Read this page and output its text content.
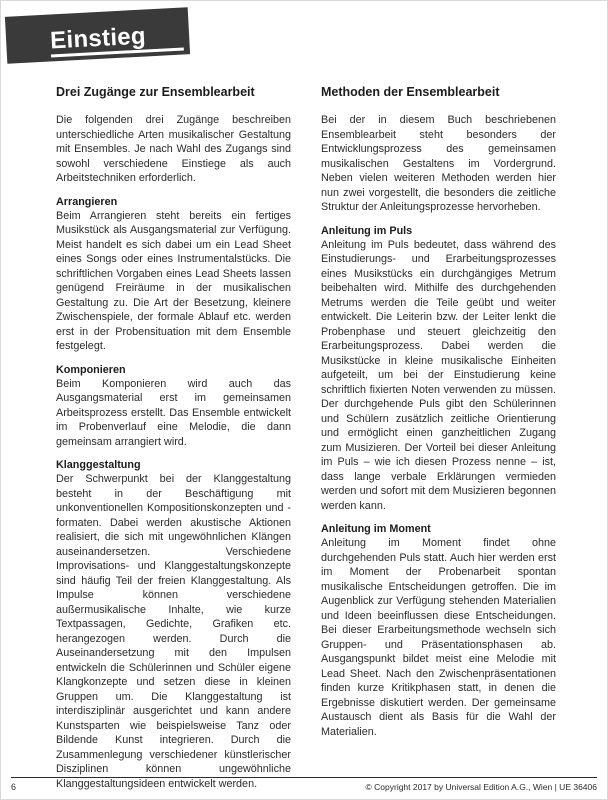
Einstieg
Drei Zugänge zur Ensemblearbeit

Die folgenden drei Zugänge beschreiben unterschiedliche Arten musikalischer Gestaltung mit Ensembles. Je nach Wahl des Zugangs sind sowohl verschiedene Einstiege als auch Arbeitstechniken erforderlich.

Arrangieren

Beim Arrangieren steht bereits ein fertiges Musikstück als Ausgangsmaterial zur Verfügung. Meist handelt es sich dabei um ein Lead Sheet eines Songs oder eines Instrumentalstücks. Die schriftlichen Vorgaben eines Lead Sheets lassen genügend Freiräume in der musikalischen Gestaltung zu. Die Art der Besetzung, kleinere Zwischenspiele, der formale Ablauf etc. werden erst in der Probensituation mit dem Ensemble festgelegt.

Komponieren

Beim Komponieren wird auch das Ausgangsmaterial erst im gemeinsamen Arbeitsprozess erstellt. Das Ensemble entwickelt im Probenverlauf eine Melodie, die dann gemeinsam arrangiert wird.

Klanggestaltung

Der Schwerpunkt bei der Klanggestaltung besteht in der Beschäftigung mit unkonventionellen Kompositionskonzepten und -formaten. Dabei werden akustische Aktionen realisiert, die sich mit ungewöhnlichen Klängen auseinandersetzen. Verschiedene Improvisations- und Klanggestaltungskonzepte sind häufig Teil der freien Klanggestaltung. Als Impulse können verschiedene außermusikalische Inhalte, wie kurze Textpassagen, Gedichte, Grafiken etc. herangezogen werden. Durch die Auseinandersetzung mit den Impulsen entwickeln die Schülerinnen und Schüler eigene Klangkonzepte und setzen diese in kleinen Gruppen um. Die Klanggestaltung ist interdisziplinär ausgerichtet und kann andere Kunstsparten wie beispielsweise Tanz oder Bildende Kunst integrieren. Durch die Zusammenlegung verschiedener künstlerischer Disziplinen können ungewöhnliche Klanggestaltungsideen entwickelt werden.

Methoden der Ensemblearbeit

Bei der in diesem Buch beschriebenen Ensemblearbeit steht besonders der Entwicklungsprozess des gemeinsamen musikalischen Gestaltens im Vordergrund. Neben vielen weiteren Methoden werden hier nun zwei vorgestellt, die besonders die zeitliche Struktur der Anleitungsprozesse hervorheben.

Anleitung im Puls

Anleitung im Puls bedeutet, dass während des Einstudierungs- und Erarbeitungsprozesses eines Musikstücks ein durchgängiges Metrum beibehalten wird. Mithilfe des durchgehenden Metrums werden die Teile geübt und weiter entwickelt. Die Leiterin bzw. der Leiter lenkt die Probenphase und steuert gleichzeitig den Erarbeitungsprozess. Dabei werden die Musikstücke in kleine musikalische Einheiten aufgeteilt, um bei der Einstudierung keine schriftlich fixierten Noten verwenden zu müssen. Der durchgehende Puls gibt den Schülerinnen und Schülern zusätzlich zeitliche Orientierung und ermöglicht einen ganzheitlichen Zugang zum Musizieren. Der Vorteil bei dieser Anleitung im Puls – wie ich diesen Prozess nenne – ist, dass lange verbale Erklärungen vermieden werden und sofort mit dem Musizieren begonnen werden kann.

Anleitung im Moment

Anleitung im Moment findet ohne durchgehenden Puls statt. Auch hier werden erst im Moment der Probenarbeit spontan musikalische Entscheidungen getroffen. Die im Augenblick zur Verfügung stehenden Materialien und Ideen beeinflussen diese Entscheidungen. Bei dieser Erarbeitungsmethode wechseln sich Gruppen- und Präsentationsphasen ab. Ausgangspunkt bildet meist eine Melodie mit Lead Sheet. Nach den Zwischenpräsentationen finden kurze Kritikphasen statt, in denen die Ergebnisse diskutiert werden. Der gemeinsame Austausch dient als Basis für die Wahl der Materialien.

6	© Copyright 2017 by Universal Edition A.G., Wien | UE 36406
